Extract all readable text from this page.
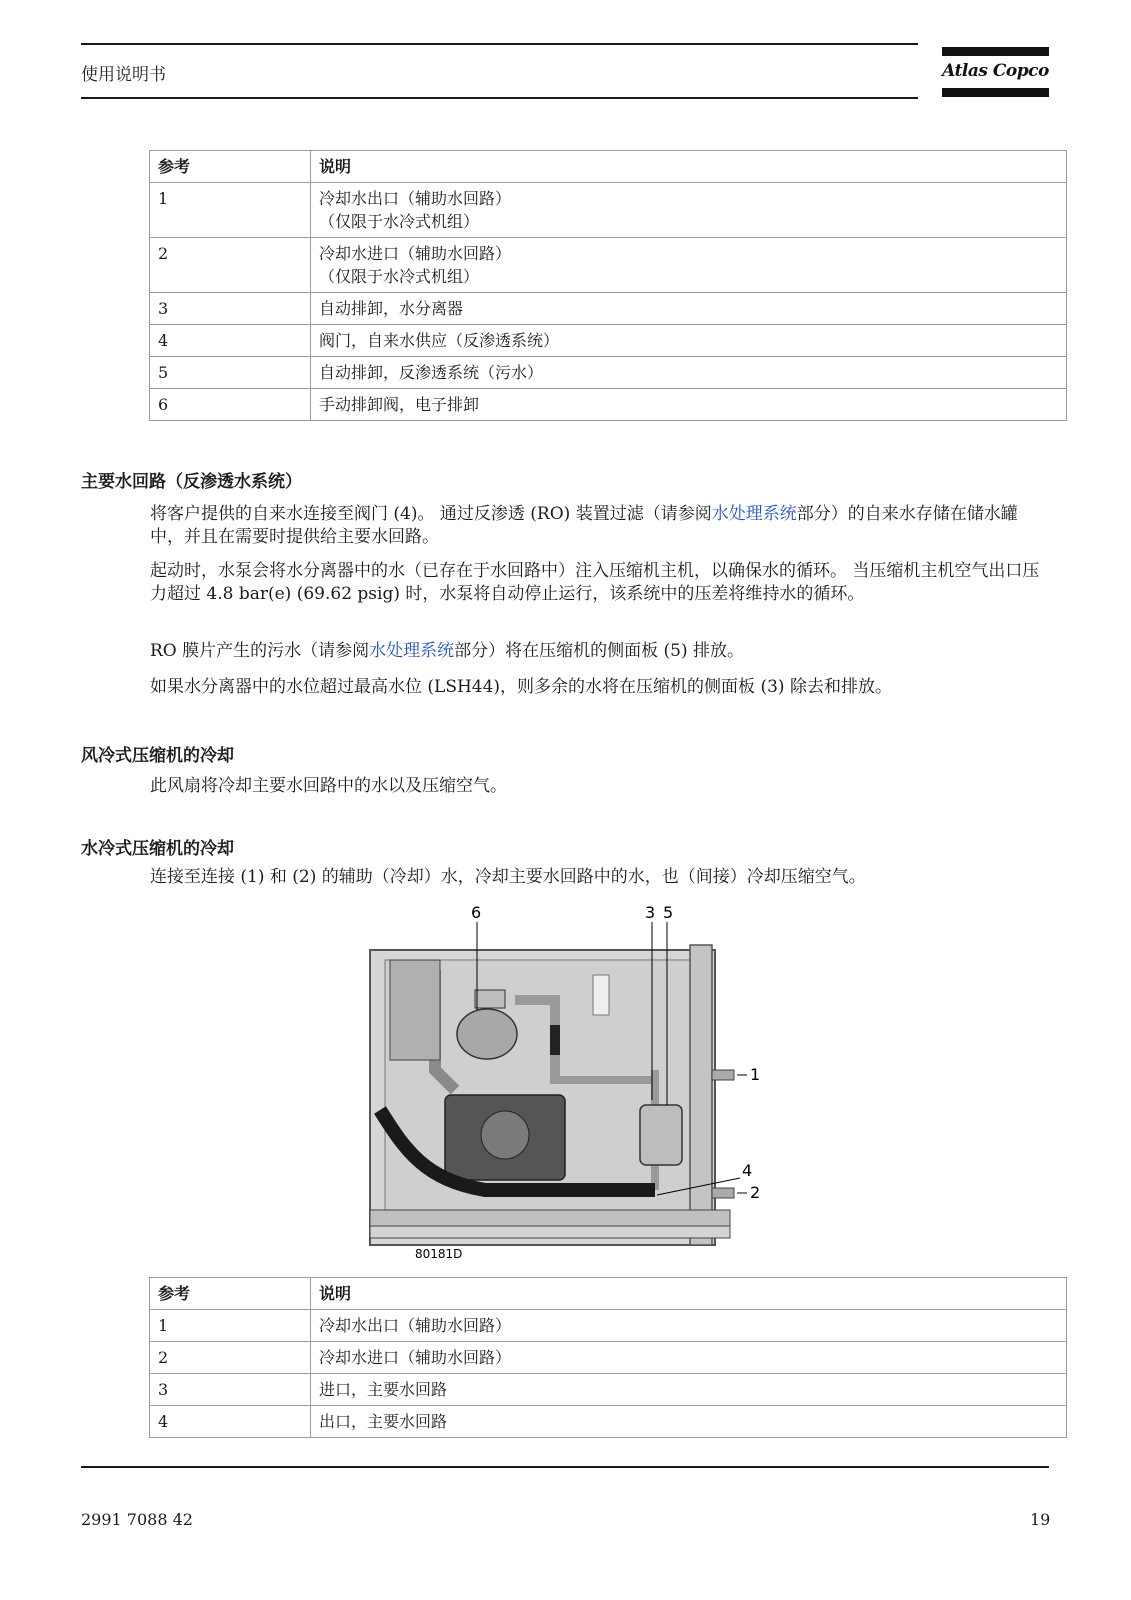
使用说明书	Atlas Copco
参考	说明
1	冷却水出口（辅助水回路）
（仅限于水冷式机组）

2	冷却水进口（辅助水回路）
（仅限于水冷式机组）

3	自动排卸，水分离器
4	阀门，自来水供应（反渗透系统）
5	自动排卸，反渗透系统（污水）
6	手动排卸阀，电子排卸
主要水回路（反渗透水系统）
将客户提供的自来水连接至阀门 (4)。 通过反渗透 (RO) 装置过滤（请参阅水处理系统部分）的自来水存储在储水罐中，并且在需要时提供给主要水回路。
起动时，水泵会将水分离器中的水（已存在于水回路中）注入压缩机主机，以确保水的循环。 当压缩机主机空气出口压力超过 4.8 bar(e) (69.62 psig) 时，水泵将自动停止运行，该系统中的压差将维持水的循环。
RO 膜片产生的污水（请参阅水处理系统部分）将在压缩机的侧面板 (5) 排放。
如果水分离器中的水位超过最高水位 (LSH44)，则多余的水将在压缩机的侧面板 (3) 除去和排放。
风冷式压缩机的冷却
此风扇将冷却主要水回路中的水以及压缩空气。
水冷式压缩机的冷却
连接至连接 (1) 和 (2) 的辅助（冷却）水，冷却主要水回路中的水，也（间接）冷却压缩空气。
6	3 5
1
4
2
80181D
参考	说明
1	冷却水出口（辅助水回路）
2	冷却水进口（辅助水回路）
3	进口，主要水回路
4	出口，主要水回路
2991 7088 42	19
